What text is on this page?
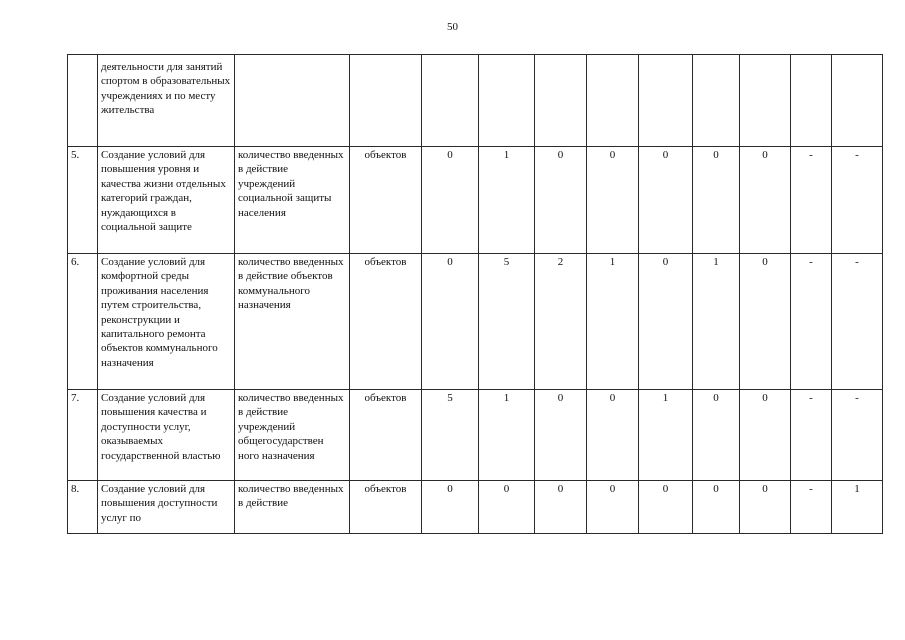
50
	деятельности для занятий спортом в образовательных учреждениях и по месту жительства											
5.	Создание условий для повышения уровня и качества жизни отдельных категорий граждан, нуждающихся в социальной защите	количество введенных в действие учреждений социальной защиты населения	объектов	0	1	0	0	0	0	0	-	-
6.	Создание условий для комфортной среды проживания населения путем строительства, реконструкции и капитального ремонта объектов коммунального назначения	количество введенных в действие объектов коммунального назначения	объектов	0	5	2	1	0	1	0	-	-
7.	Создание условий для повышения качества и доступности услуг, оказываемых государственной властью	количество введенных в действие учреждений общегосударствен ного назначения	объектов	5	1	0	0	1	0	0	-	-
8.	Создание условий для повышения доступности услуг по	количество введенных в действие	объектов	0	0	0	0	0	0	0	-	1
